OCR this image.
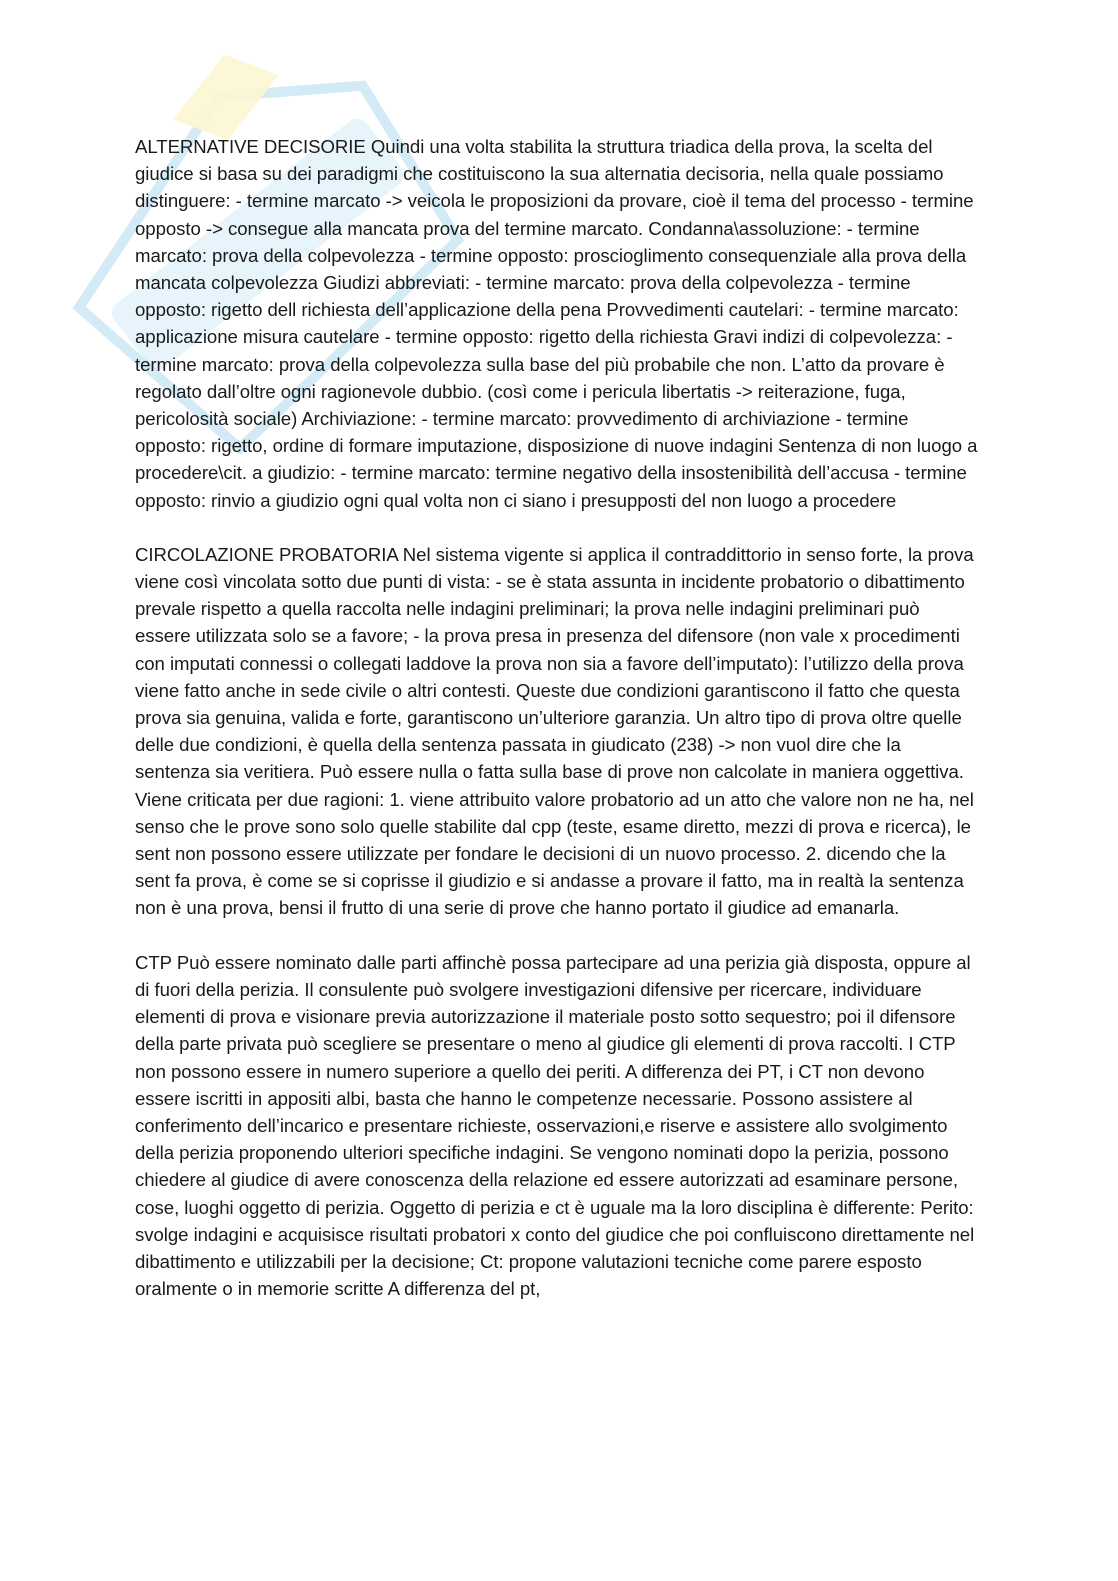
ALTERNATIVE DECISORIE Quindi una volta stabilita la struttura triadica della prova, la scelta del giudice si basa su dei paradigmi che costituiscono la sua alternatia decisoria, nella quale possiamo distinguere: - termine marcato -> veicola le proposizioni da provare, cioè il tema del processo - termine opposto -> consegue alla mancata prova del termine marcato. Condanna\assoluzione: - termine marcato: prova della colpevolezza - termine opposto: proscioglimento consequenziale alla prova della mancata colpevolezza Giudizi abbreviati: - termine marcato: prova della colpevolezza - termine opposto: rigetto dell richiesta dell’applicazione della pena Provvedimenti cautelari: - termine marcato: applicazione misura cautelare - termine opposto: rigetto della richiesta Gravi indizi di colpevolezza: - termine marcato: prova della colpevolezza sulla base del più probabile che non. L’atto da provare è regolato dall’oltre ogni ragionevole dubbio. (così come i pericula libertatis -> reiterazione, fuga, pericolosità sociale) Archiviazione: - termine marcato: provvedimento di archiviazione - termine opposto: rigetto, ordine di formare imputazione, disposizione di nuove indagini Sentenza di non luogo a procedere\cit. a giudizio: - termine marcato: termine negativo della insostenibilità dell’accusa - termine opposto: rinvio a giudizio ogni qual volta non ci siano i presupposti del non luogo a procedere

CIRCOLAZIONE PROBATORIA Nel sistema vigente si applica il contraddittorio in senso forte, la prova viene così vincolata sotto due punti di vista: - se è stata assunta in incidente probatorio o dibattimento prevale rispetto a quella raccolta nelle indagini preliminari; la prova nelle indagini preliminari può essere utilizzata solo se a favore; - la prova presa in presenza del difensore (non vale x procedimenti con imputati connessi o collegati laddove la prova non sia a favore dell’imputato): l’utilizzo della prova viene fatto anche in sede civile o altri contesti. Queste due condizioni garantiscono il fatto che questa prova sia genuina, valida e forte, garantiscono un’ulteriore garanzia. Un altro tipo di prova oltre quelle delle due condizioni, è quella della sentenza passata in giudicato (238) -> non vuol dire che la sentenza sia veritiera. Può essere nulla o fatta sulla base di prove non calcolate in maniera oggettiva. Viene criticata per due ragioni: 1. viene attribuito valore probatorio ad un atto che valore non ne ha, nel senso che le prove sono solo quelle stabilite dal cpp (teste, esame diretto, mezzi di prova e ricerca), le sent non possono essere utilizzate per fondare le decisioni di un nuovo processo. 2. dicendo che la sent fa prova, è come se si coprisse il giudizio e si andasse a provare il fatto, ma in realtà la sentenza non è una prova, bensi il frutto di una serie di prove che hanno portato il giudice ad emanarla.

CTP Può essere nominato dalle parti affinchè possa partecipare ad una perizia già disposta, oppure al di fuori della perizia. Il consulente può svolgere investigazioni difensive per ricercare, individuare elementi di prova e visionare previa autorizzazione il materiale posto sotto sequestro; poi il difensore della parte privata può scegliere se presentare o meno al giudice gli elementi di prova raccolti. I CTP non possono essere in numero superiore a quello dei periti. A differenza dei PT, i CT non devono essere iscritti in appositi albi, basta che hanno le competenze necessarie. Possono assistere al conferimento dell’incarico e presentare richieste, osservazioni,e riserve e assistere allo svolgimento della perizia proponendo ulteriori specifiche indagini. Se vengono nominati dopo la perizia, possono chiedere al giudice di avere conoscenza della relazione ed essere autorizzati ad esaminare persone, cose, luoghi oggetto di perizia. Oggetto di perizia e ct è uguale ma la loro disciplina è differente: Perito: svolge indagini e acquisisce risultati probatori x conto del giudice che poi confluiscono direttamente nel dibattimento e utilizzabili per la decisione; Ct: propone valutazioni tecniche come parere esposto oralmente o in memorie scritte A differenza del pt,
